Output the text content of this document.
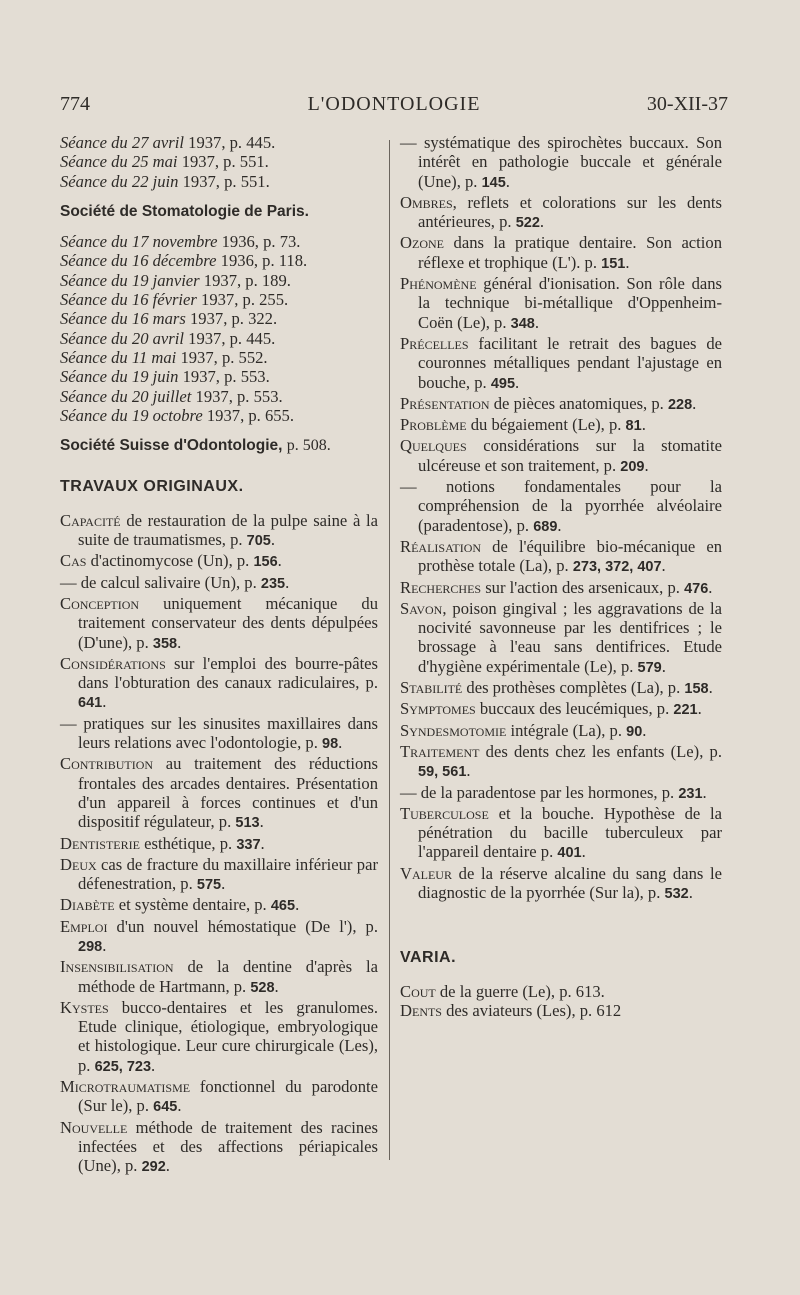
774	L'ODONTOLOGIE	30-XII-37
Séance du 27 avril 1937, p. 445.
Séance du 25 mai 1937, p. 551.
Séance du 22 juin 1937, p. 551.
Société de Stomatologie de Paris.
Séance du 17 novembre 1936, p. 73.
Séance du 16 décembre 1936, p. 118.
Séance du 19 janvier 1937, p. 189.
Séance du 16 février 1937, p. 255.
Séance du 16 mars 1937, p. 322.
Séance du 20 avril 1937, p. 445.
Séance du 11 mai 1937, p. 552.
Séance du 19 juin 1937, p. 553.
Séance du 20 juillet 1937, p. 553.
Séance du 19 octobre 1937, p. 655.
Société Suisse d'Odontologie, p. 508.
TRAVAUX ORIGINAUX.
Capacité de restauration de la pulpe saine à la suite de traumatismes, p. 705.
Cas d'actinomycose (Un), p. 156.
— de calcul salivaire (Un), p. 235.
Conception uniquement mécanique du traitement conservateur des dents dépulpées (D'une), p. 358.
Considérations sur l'emploi des bourre-pâtes dans l'obturation des canaux radiculaires, p. 641.
— pratiques sur les sinusites maxillaires dans leurs relations avec l'odontologie, p. 98.
Contribution au traitement des réductions frontales des arcades dentaires. Présentation d'un appareil à forces continues et d'un dispositif régulateur, p. 513.
Dentisterie esthétique, p. 337.
Deux cas de fracture du maxillaire inférieur par défenestration, p. 575.
Diabète et système dentaire, p. 465.
Emploi d'un nouvel hémostatique (De l'), p. 298.
Insensibilisation de la dentine d'après la méthode de Hartmann, p. 528.
Kystes bucco-dentaires et les granulomes. Etude clinique, étiologique, embryologique et histologique. Leur cure chirurgicale (Les), p. 625, 723.
Microtraumatisme fonctionnel du parodonte (Sur le), p. 645.
Nouvelle méthode de traitement des racines infectées et des affections périapicales (Une), p. 292.
— systématique des spirochètes buccaux. Son intérêt en pathologie buccale et générale (Une), p. 145.
Ombres, reflets et colorations sur les dents antérieures, p. 522.
Ozone dans la pratique dentaire. Son action réflexe et trophique (L'). p. 151.
Phénomène général d'ionisation. Son rôle dans la technique bi-métallique d'Oppenheim-Coën (Le), p. 348.
Précelles facilitant le retrait des bagues de couronnes métalliques pendant l'ajustage en bouche, p. 495.
Présentation de pièces anatomiques, p. 228.
Problème du bégaiement (Le), p. 81.
Quelques considérations sur la stomatite ulcéreuse et son traitement, p. 209.
— notions fondamentales pour la compréhension de la pyorrhée alvéolaire (paradentose), p. 689.
Réalisation de l'équilibre bio-mécanique en prothèse totale (La), p. 273, 372, 407.
Recherches sur l'action des arsenicaux, p. 476.
Savon, poison gingival ; les aggravations de la nocivité savonneuse par les dentifrices ; le brossage à l'eau sans dentifrices. Etude d'hygiène expérimentale (Le), p. 579.
Stabilité des prothèses complètes (La), p. 158.
Symptomes buccaux des leucémiques, p. 221.
Syndesmotomie intégrale (La), p. 90.
Traitement des dents chez les enfants (Le), p. 59, 561.
— de la paradentose par les hormones, p. 231.
Tuberculose et la bouche. Hypothèse de la pénétration du bacille tuberculeux par l'appareil dentaire p. 401.
Valeur de la réserve alcaline du sang dans le diagnostic de la pyorrhée (Sur la), p. 532.
VARIA.
Cout de la guerre (Le), p. 613.
Dents des aviateurs (Les), p. 612
